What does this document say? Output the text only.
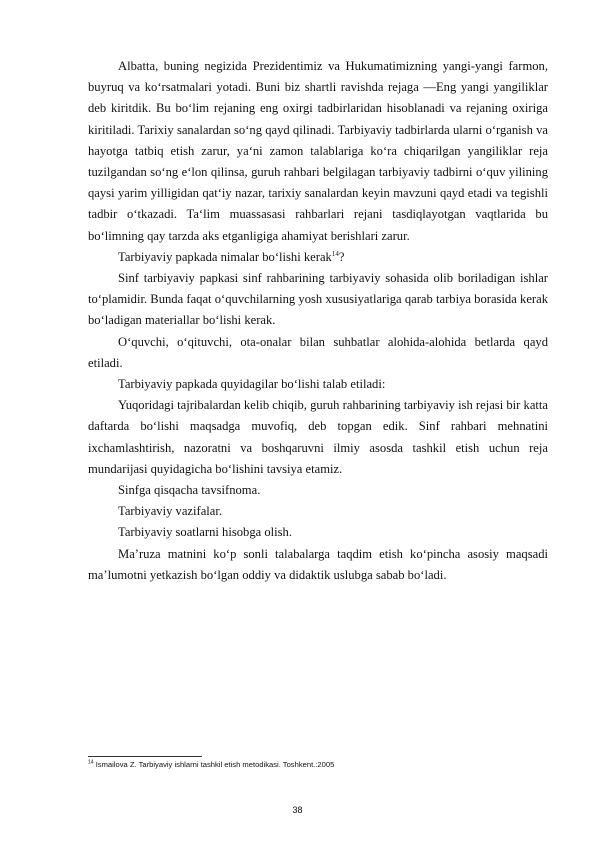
Albatta, buning negizida Prezidentimiz va Hukumatimizning yangi-yangi farmon, buyruq va ko‘rsatmalari yotadi. Buni biz shartli ravishda rejaga —Eng yangi yangiliklar deb kiritdik. Bu bo‘lim rejaning eng oxirgi tadbirlaridan hisoblanadi va rejaning oxiriga kiritiladi. Tarixiy sanalardan so‘ng qayd qilinadi. Tarbiyaviy tadbirlarda ularni o‘rganish va hayotga tatbiq etish zarur, ya‘ni zamon talablariga ko‘ra chiqarilgan yangiliklar reja tuzilgandan so‘ng e‘lon qilinsa, guruh rahbari belgilagan tarbiyaviy tadbirni o‘quv yilining qaysi yarim yilligidan qat‘iy nazar, tarixiy sanalardan keyin mavzuni qayd etadi va tegishli tadbir o‘tkazadi. Ta‘lim muassasasi rahbarlari rejani tasdiqlayotgan vaqtlarida bu bo‘limning qay tarzda aks etganligiga ahamiyat berishlari zarur.

Tarbiyaviy papkada nimalar bo‘lishi kerak$^{14}$?

Sinf tarbiyaviy papkasi sinf rahbarining tarbiyaviy sohasida olib boriladigan ishlar to‘plamidir. Bunda faqat o‘quvchilarning yosh xususiyatlariga qarab tarbiya borasida kerak bo‘ladigan materiallar bo‘lishi kerak.

O‘quvchi, o‘qituvchi, ota-onalar bilan suhbatlar alohida-alohida betlarda qayd etiladi.

Tarbiyaviy papkada quyidagilar bo‘lishi talab etiladi:

Yuqoridagi tajribalardan kelib chiqib, guruh rahbarining tarbiyaviy ish rejasi bir katta daftarda bo‘lishi maqsadga muvofiq, deb topgan edik. Sinf rahbari mehnatini ixchamlashtirish, nazoratni va boshqaruvni ilmiy asosda tashkil etish uchun reja mundarijasi quyidagicha bo‘lishini tavsiya etamiz.

Sinfga qisqacha tavsifnoma.

Tarbiyaviy vazifalar.

Tarbiyaviy soatlarni hisobga olish.

Ma’ruza matnini ko‘p sonli talabalarga taqdim etish ko‘pincha asosiy maqsadi ma’lumotni yetkazish bo‘lgan oddiy va didaktik uslubga sabab bo‘ladi.

$^{14}$ Ismailova Z. Tarbiyaviy ishlarni tashkil etish metodikasi. Toshkent.:2005
38
